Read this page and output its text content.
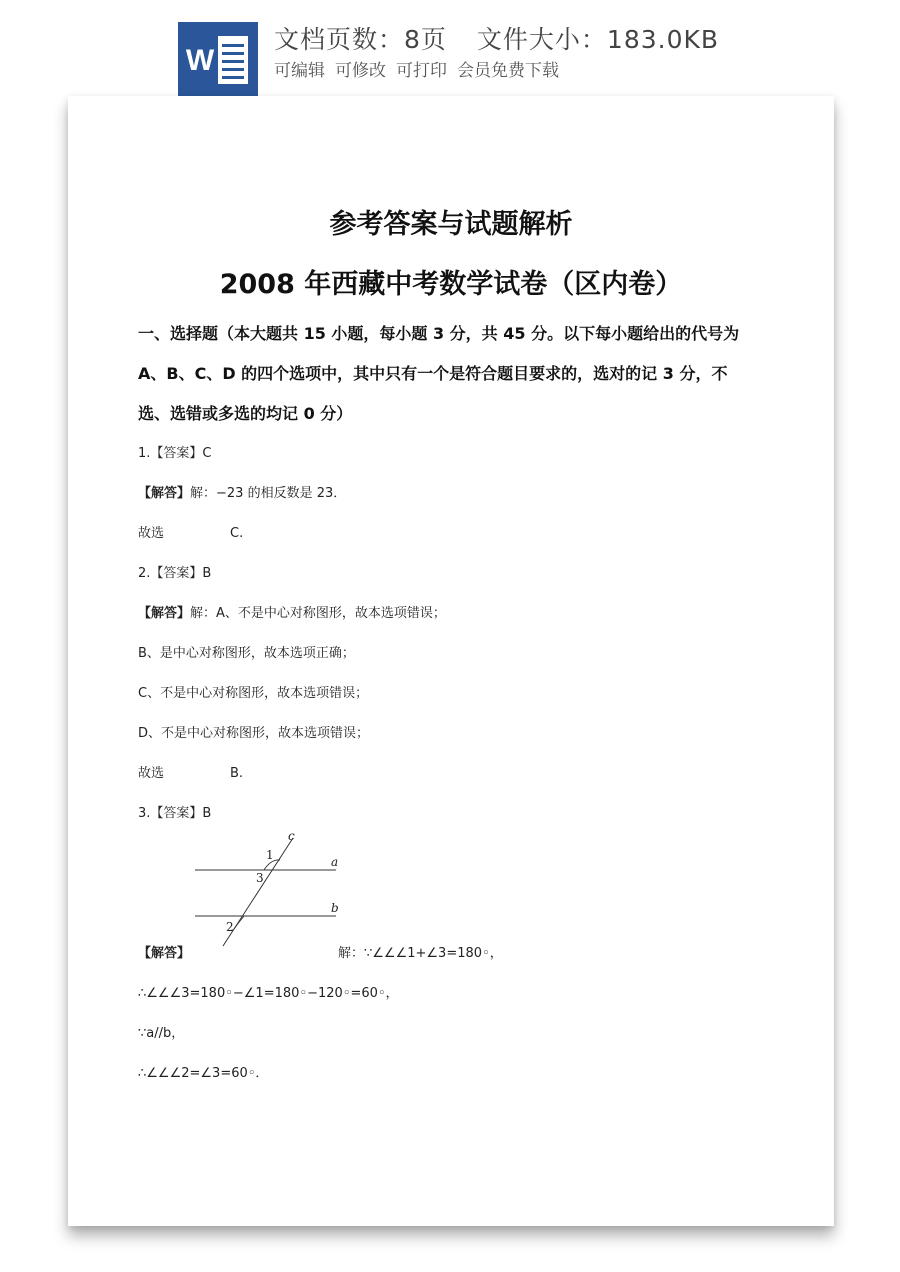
W
文档页数：8页 文件大小：183.0KB
可编辑 可修改 可打印 会员免费下载
参考答案与试题解析
2008 年西藏中考数学试卷（区内卷）
一、选择题（本大题共 15 小题，每小题 3 分，共 45 分。以下每小题给出的代号为
A、B、C、D 的四个选项中，其中只有一个是符合题目要求的，选对的记 3 分，不
选、选错或多选的均记 0 分）
1.【答案】C
【解答】解：−23 的相反数是 23．
故选	C.
2.【答案】B
【解答】解：A、不是中心对称图形，故本选项错误；
B、是中心对称图形，故本选项正确；
C、不是中心对称图形，故本选项错误；
D、不是中心对称图形，故本选项错误；
故选	B.
3.【答案】B
c
a
b
1
3
2
【解答】	解：∵∠∠∠1+∠3=180◦，
∴∠∠∠3=180◦−∠1=180◦−120◦=60◦，
∵a//b，
∴∠∠∠2=∠3=60◦．
